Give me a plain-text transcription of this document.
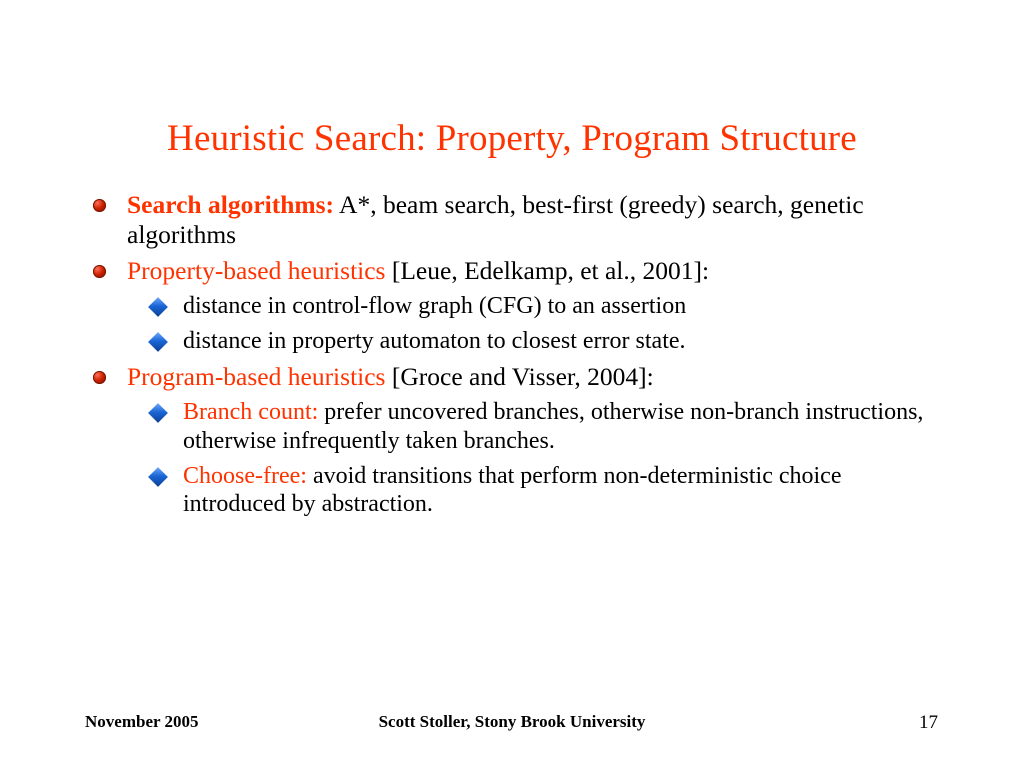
Heuristic Search: Property, Program Structure
Search algorithms: A*, beam search, best-first (greedy) search, genetic algorithms
Property-based heuristics [Leue, Edelkamp, et al., 2001]:
distance in control-flow graph (CFG) to an assertion
distance in property automaton to closest error state.
Program-based heuristics [Groce and Visser, 2004]:
Branch count: prefer uncovered branches, otherwise non-branch instructions, otherwise infrequently taken branches.
Choose-free: avoid transitions that perform non-deterministic choice introduced by abstraction.
November 2005	Scott Stoller, Stony Brook University	17
